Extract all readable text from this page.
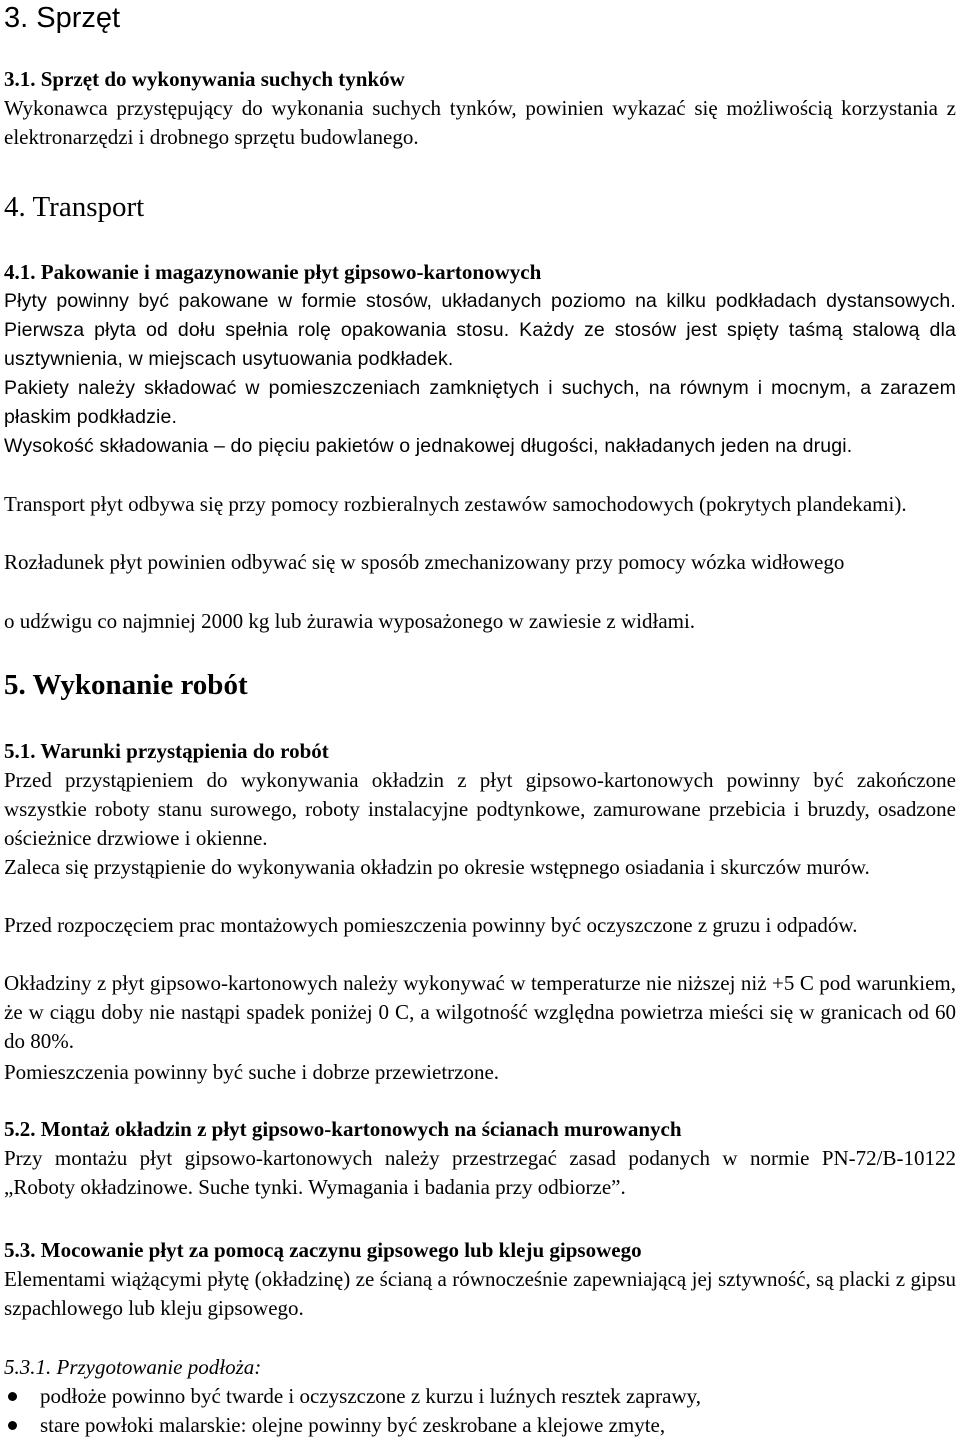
3. Sprzęt
3.1. Sprzęt do wykonywania suchych tynków
Wykonawca przystępujący do wykonania suchych tynków, powinien wykazać się możliwością korzystania z elektronarzędzi i drobnego sprzętu budowlanego.
4. Transport
4.1. Pakowanie i magazynowanie płyt gipsowo-kartonowych
Płyty powinny być pakowane w formie stosów, układanych poziomo na kilku podkładach dystansowych. Pierwsza płyta od dołu spełnia rolę opakowania stosu. Każdy ze stosów jest spięty taśmą stalową dla usztywnienia, w miejscach usytuowania podkładek.
Pakiety należy składować w pomieszczeniach zamkniętych i suchych, na równym i mocnym, a zarazem płaskim podkładzie.
Wysokość składowania – do pięciu pakietów o jednakowej długości, nakładanych jeden na drugi.
Transport płyt odbywa się przy pomocy rozbieralnych zestawów samochodowych (pokrytych plandekami).
Rozładunek płyt powinien odbywać się w sposób zmechanizowany przy pomocy wózka widłowego
o udźwigu co najmniej 2000 kg lub żurawia wyposażonego w zawiesie z widłami.
5. Wykonanie robót
5.1. Warunki przystąpienia do robót
Przed przystąpieniem do wykonywania okładzin z płyt gipsowo-kartonowych powinny być zakończone wszystkie roboty stanu surowego, roboty instalacyjne podtynkowe, zamurowane przebicia i bruzdy, osadzone ościeżnice drzwiowe i okienne.
Zaleca się przystąpienie do wykonywania okładzin po okresie wstępnego osiadania i skurczów murów.
Przed rozpoczęciem prac montażowych pomieszczenia powinny być oczyszczone z gruzu i odpadów.
Okładziny z płyt gipsowo-kartonowych należy wykonywać w temperaturze nie niższej niż +5 C pod warunkiem, że w ciągu doby nie nastąpi spadek poniżej 0 C, a wilgotność względna powietrza mieści się w granicach od 60 do 80%.
Pomieszczenia powinny być suche i dobrze przewietrzone.
5.2. Montaż okładzin z płyt gipsowo-kartonowych na ścianach murowanych
Przy montażu płyt gipsowo-kartonowych należy przestrzegać zasad podanych w normie PN-72/B-10122 „Roboty okładzinowe. Suche tynki. Wymagania i badania przy odbiorze”.
5.3. Mocowanie płyt za pomocą zaczynu gipsowego lub kleju gipsowego
Elementami wiążącymi płytę (okładzinę) ze ścianą a równocześnie zapewniającą jej sztywność, są placki z gipsu szpachlowego lub kleju gipsowego.
5.3.1. Przygotowanie podłoża:
podłoże powinno być twarde i oczyszczone z kurzu i luźnych resztek zaprawy,
stare powłoki malarskie: olejne powinny być zeskrobane a klejowe zmyte,
